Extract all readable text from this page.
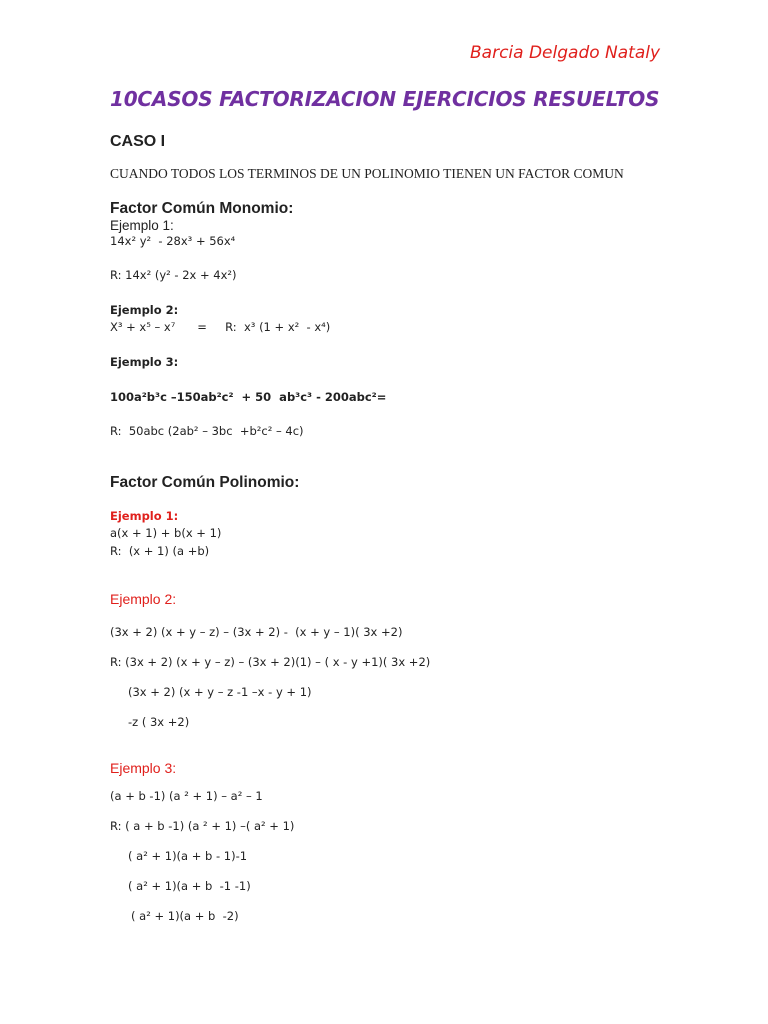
Barcia Delgado Nataly
10CASOS FACTORIZACION EJERCICIOS RESUELTOS
CASO I
CUANDO TODOS LOS TERMINOS DE UN POLINOMIO TIENEN UN FACTOR COMUN
Factor Común Monomio:
Ejemplo 1:
14x² y²  - 28x³ + 56x⁴
R: 14x² (y² - 2x + 4x²)
Ejemplo 2:
X³ + x⁵ – x⁷      =     R:  x³ (1 + x²  - x⁴)
Ejemplo 3:
100a²b³c –150ab²c²  + 50  ab³c³ - 200abc²=
R:  50abc (2ab² – 3bc  +b²c² – 4c)
Factor Común Polinomio:
Ejemplo 1:
a(x + 1) + b(x + 1)
R:  (x + 1) (a +b)
Ejemplo 2:
(3x + 2) (x + y – z) – (3x + 2) -  (x + y – 1)( 3x +2)
R: (3x + 2) (x + y – z) – (3x + 2)(1) – ( x - y +1)( 3x +2)
(3x + 2) (x + y – z -1 –x - y + 1)
-z ( 3x +2)
Ejemplo 3:
(a + b -1) (a ² + 1) – a² – 1
R: ( a + b -1) (a ² + 1) –( a² + 1)
( a² + 1)(a + b - 1)-1
( a² + 1)(a + b  -1 -1)
( a² + 1)(a + b  -2)
